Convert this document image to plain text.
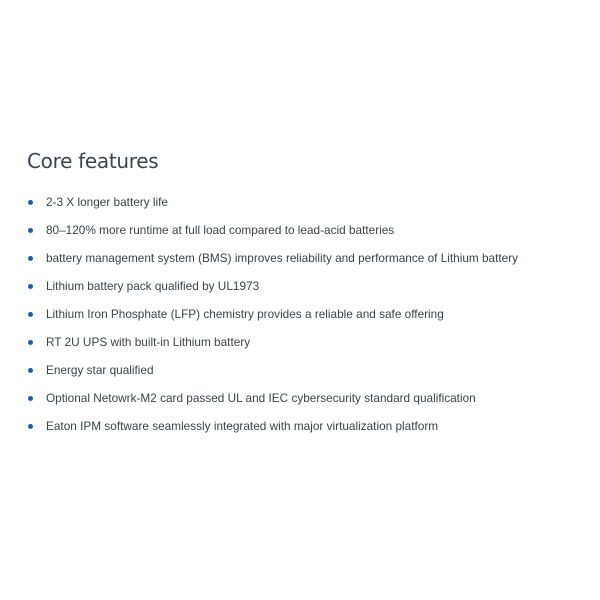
Core features
2-3 X longer battery life
80–120% more runtime at full load compared to lead-acid batteries
battery management system (BMS) improves reliability and performance of Lithium battery
Lithium battery pack qualified by UL1973
Lithium Iron Phosphate (LFP) chemistry provides a reliable and safe offering
RT 2U UPS with built-in Lithium battery
Energy star qualified
Optional Netowrk-M2 card passed UL and IEC cybersecurity standard qualification
Eaton IPM software seamlessly integrated with major virtualization platform
